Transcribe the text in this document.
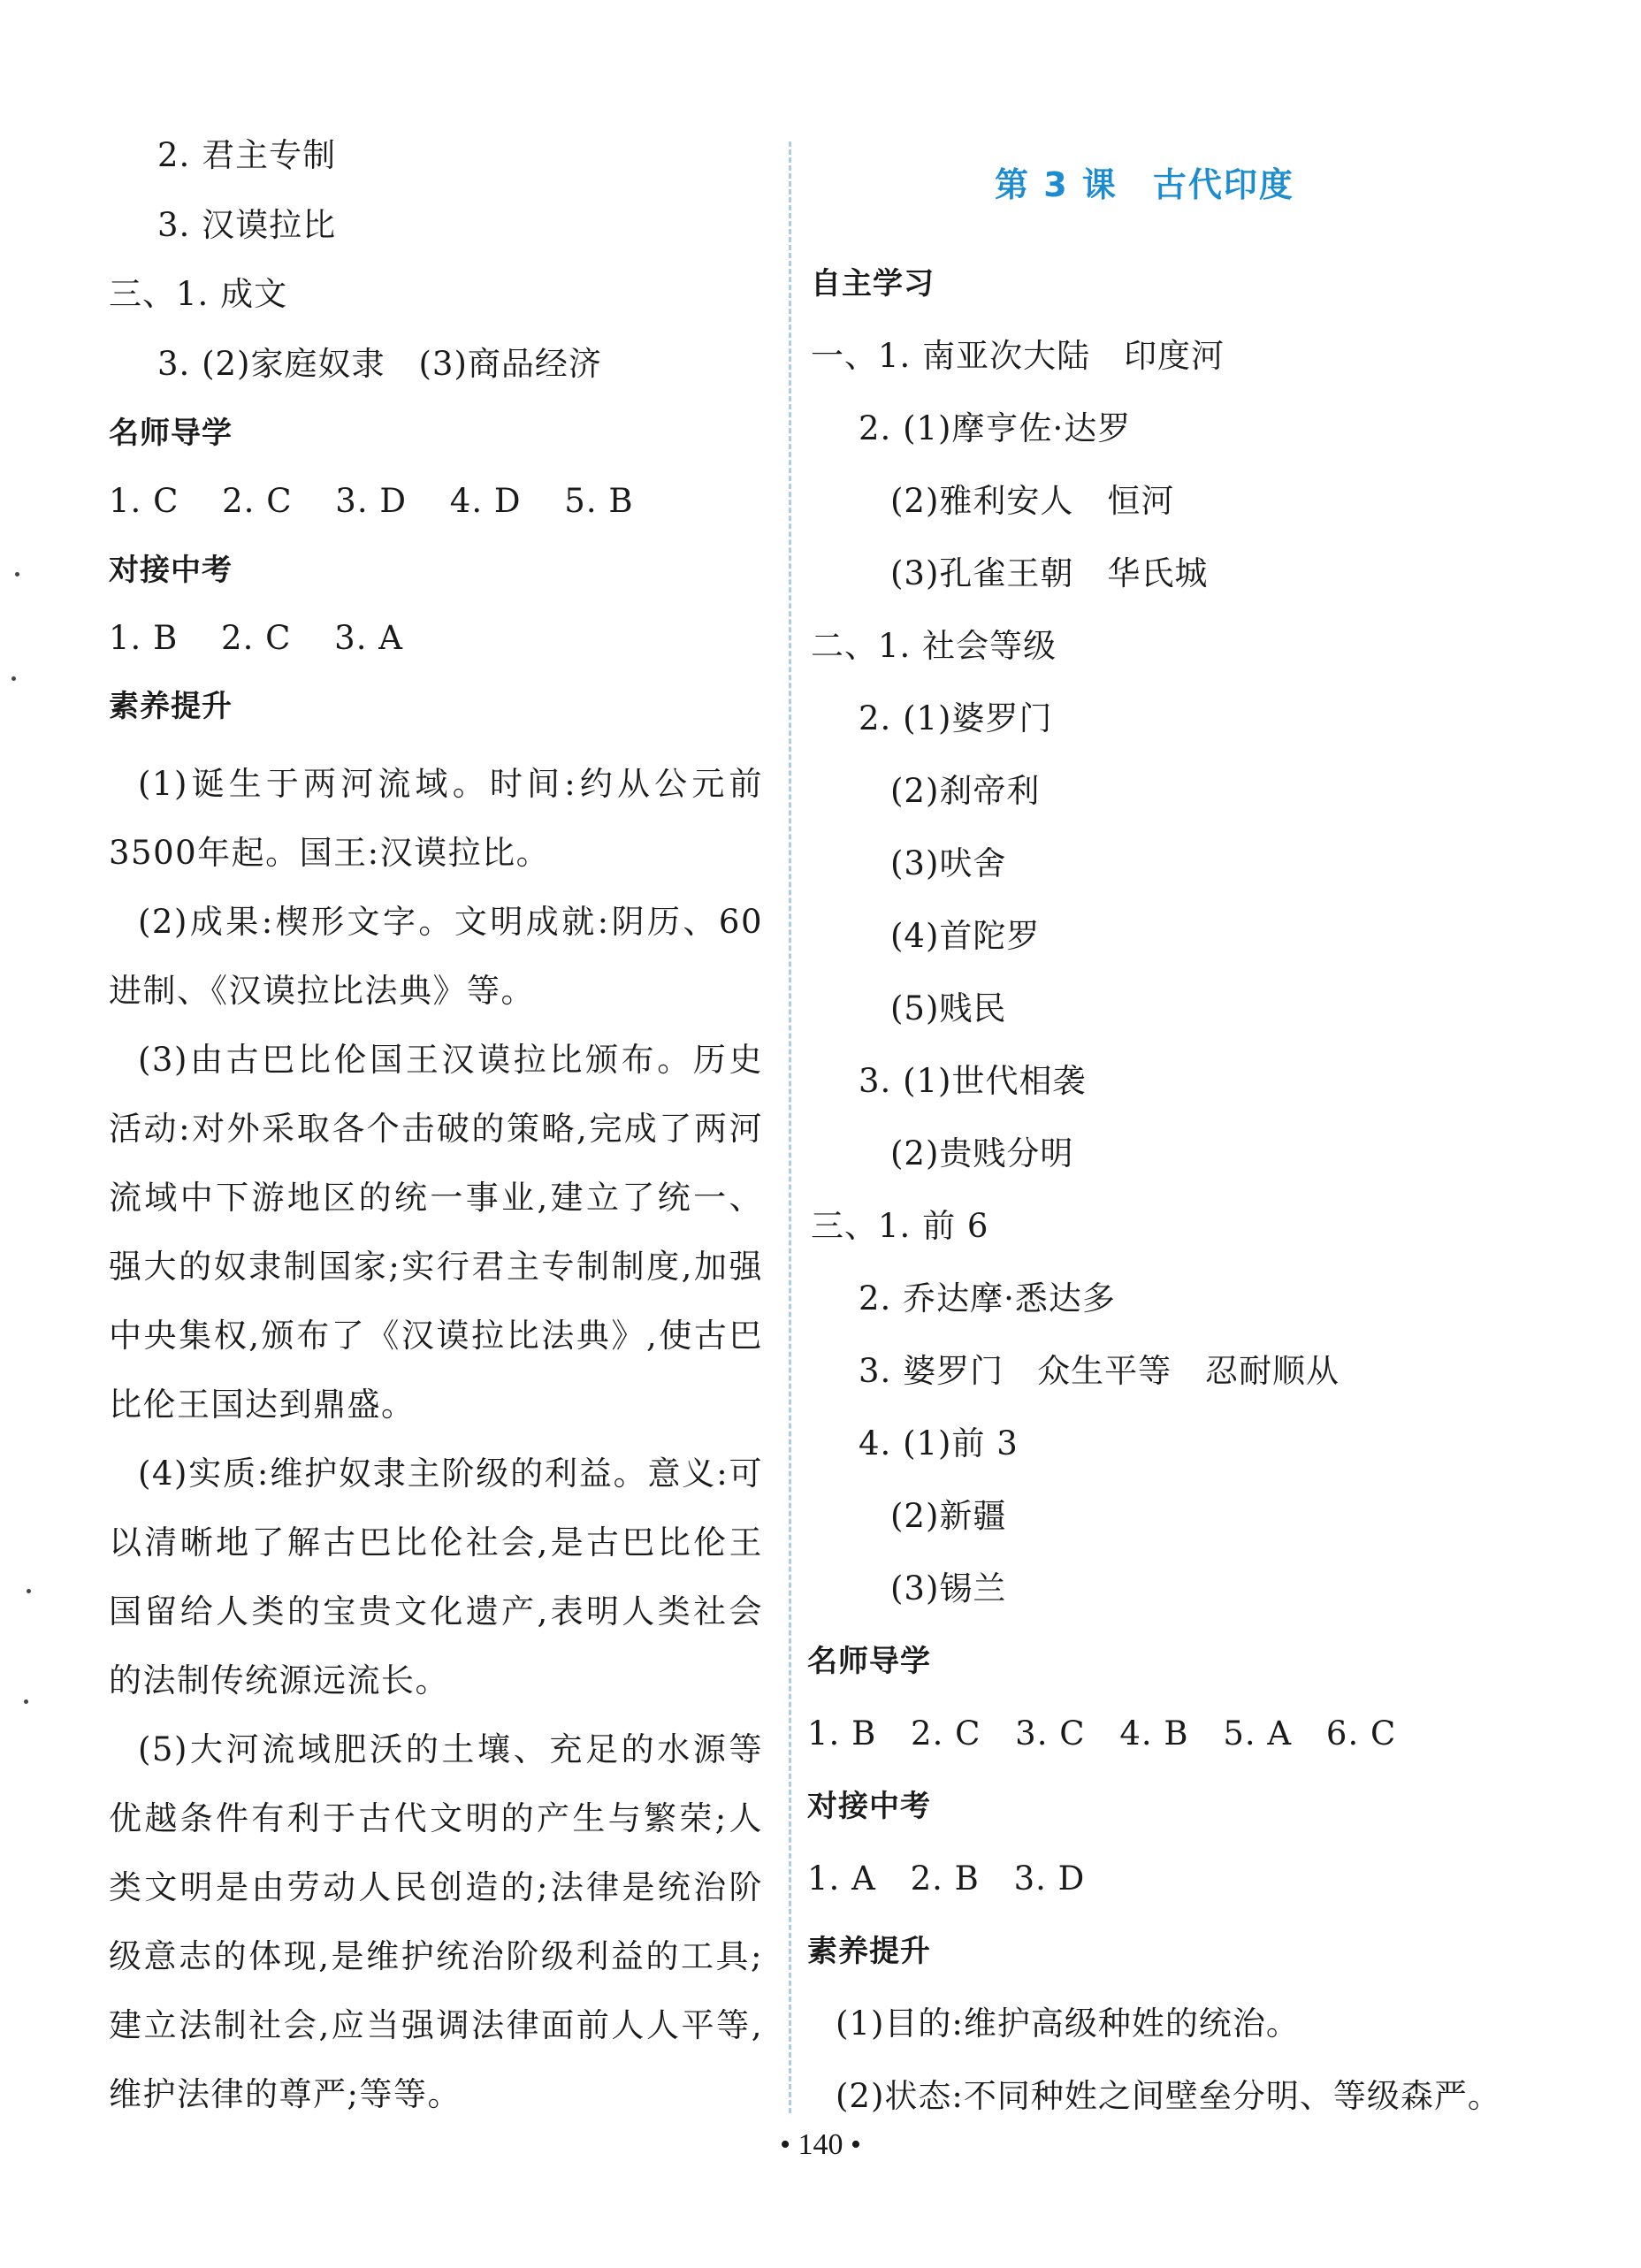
2. 君主专制
3. 汉谟拉比
三、1. 成文
3. (2)家庭奴隶　(3)商品经济
名师导学
1. C 2. C 3. D 4. D 5. B
对接中考
1. B 2. C 3. A
素养提升
(1)诞生于两河流域。时间:约从公元前3500年起。国王:汉谟拉比。
(2)成果:楔形文字。文明成就:阴历、60进制、《汉谟拉比法典》等。
(3)由古巴比伦国王汉谟拉比颁布。历史活动:对外采取各个击破的策略,完成了两河流域中下游地区的统一事业,建立了统一、强大的奴隶制国家;实行君主专制制度,加强中央集权,颁布了《汉谟拉比法典》,使古巴比伦王国达到鼎盛。
(4)实质:维护奴隶主阶级的利益。意义:可以清晰地了解古巴比伦社会,是古巴比伦王国留给人类的宝贵文化遗产,表明人类社会的法制传统源远流长。
(5)大河流域肥沃的土壤、充足的水源等优越条件有利于古代文明的产生与繁荣;人类文明是由劳动人民创造的;法律是统治阶级意志的体现,是维护统治阶级利益的工具;建立法制社会,应当强调法律面前人人平等,维护法律的尊严;等等。
第 3 课　古代印度
自主学习
一、1. 南亚次大陆　印度河
2. (1)摩亨佐·达罗
(2)雅利安人　恒河
(3)孔雀王朝　华氏城
二、1. 社会等级
2. (1)婆罗门
(2)刹帝利
(3)吠舍
(4)首陀罗
(5)贱民
3. (1)世代相袭
(2)贵贱分明
三、1. 前 6
2. 乔达摩·悉达多
3. 婆罗门　众生平等　忍耐顺从
4. (1)前 3
(2)新疆
(3)锡兰
名师导学
1. B 2. C 3. C 4. B 5. A 6. C
对接中考
1. A 2. B 3. D
素养提升
(1)目的:维护高级种姓的统治。
(2)状态:不同种姓之间壁垒分明、等级森严。
• 140 •
